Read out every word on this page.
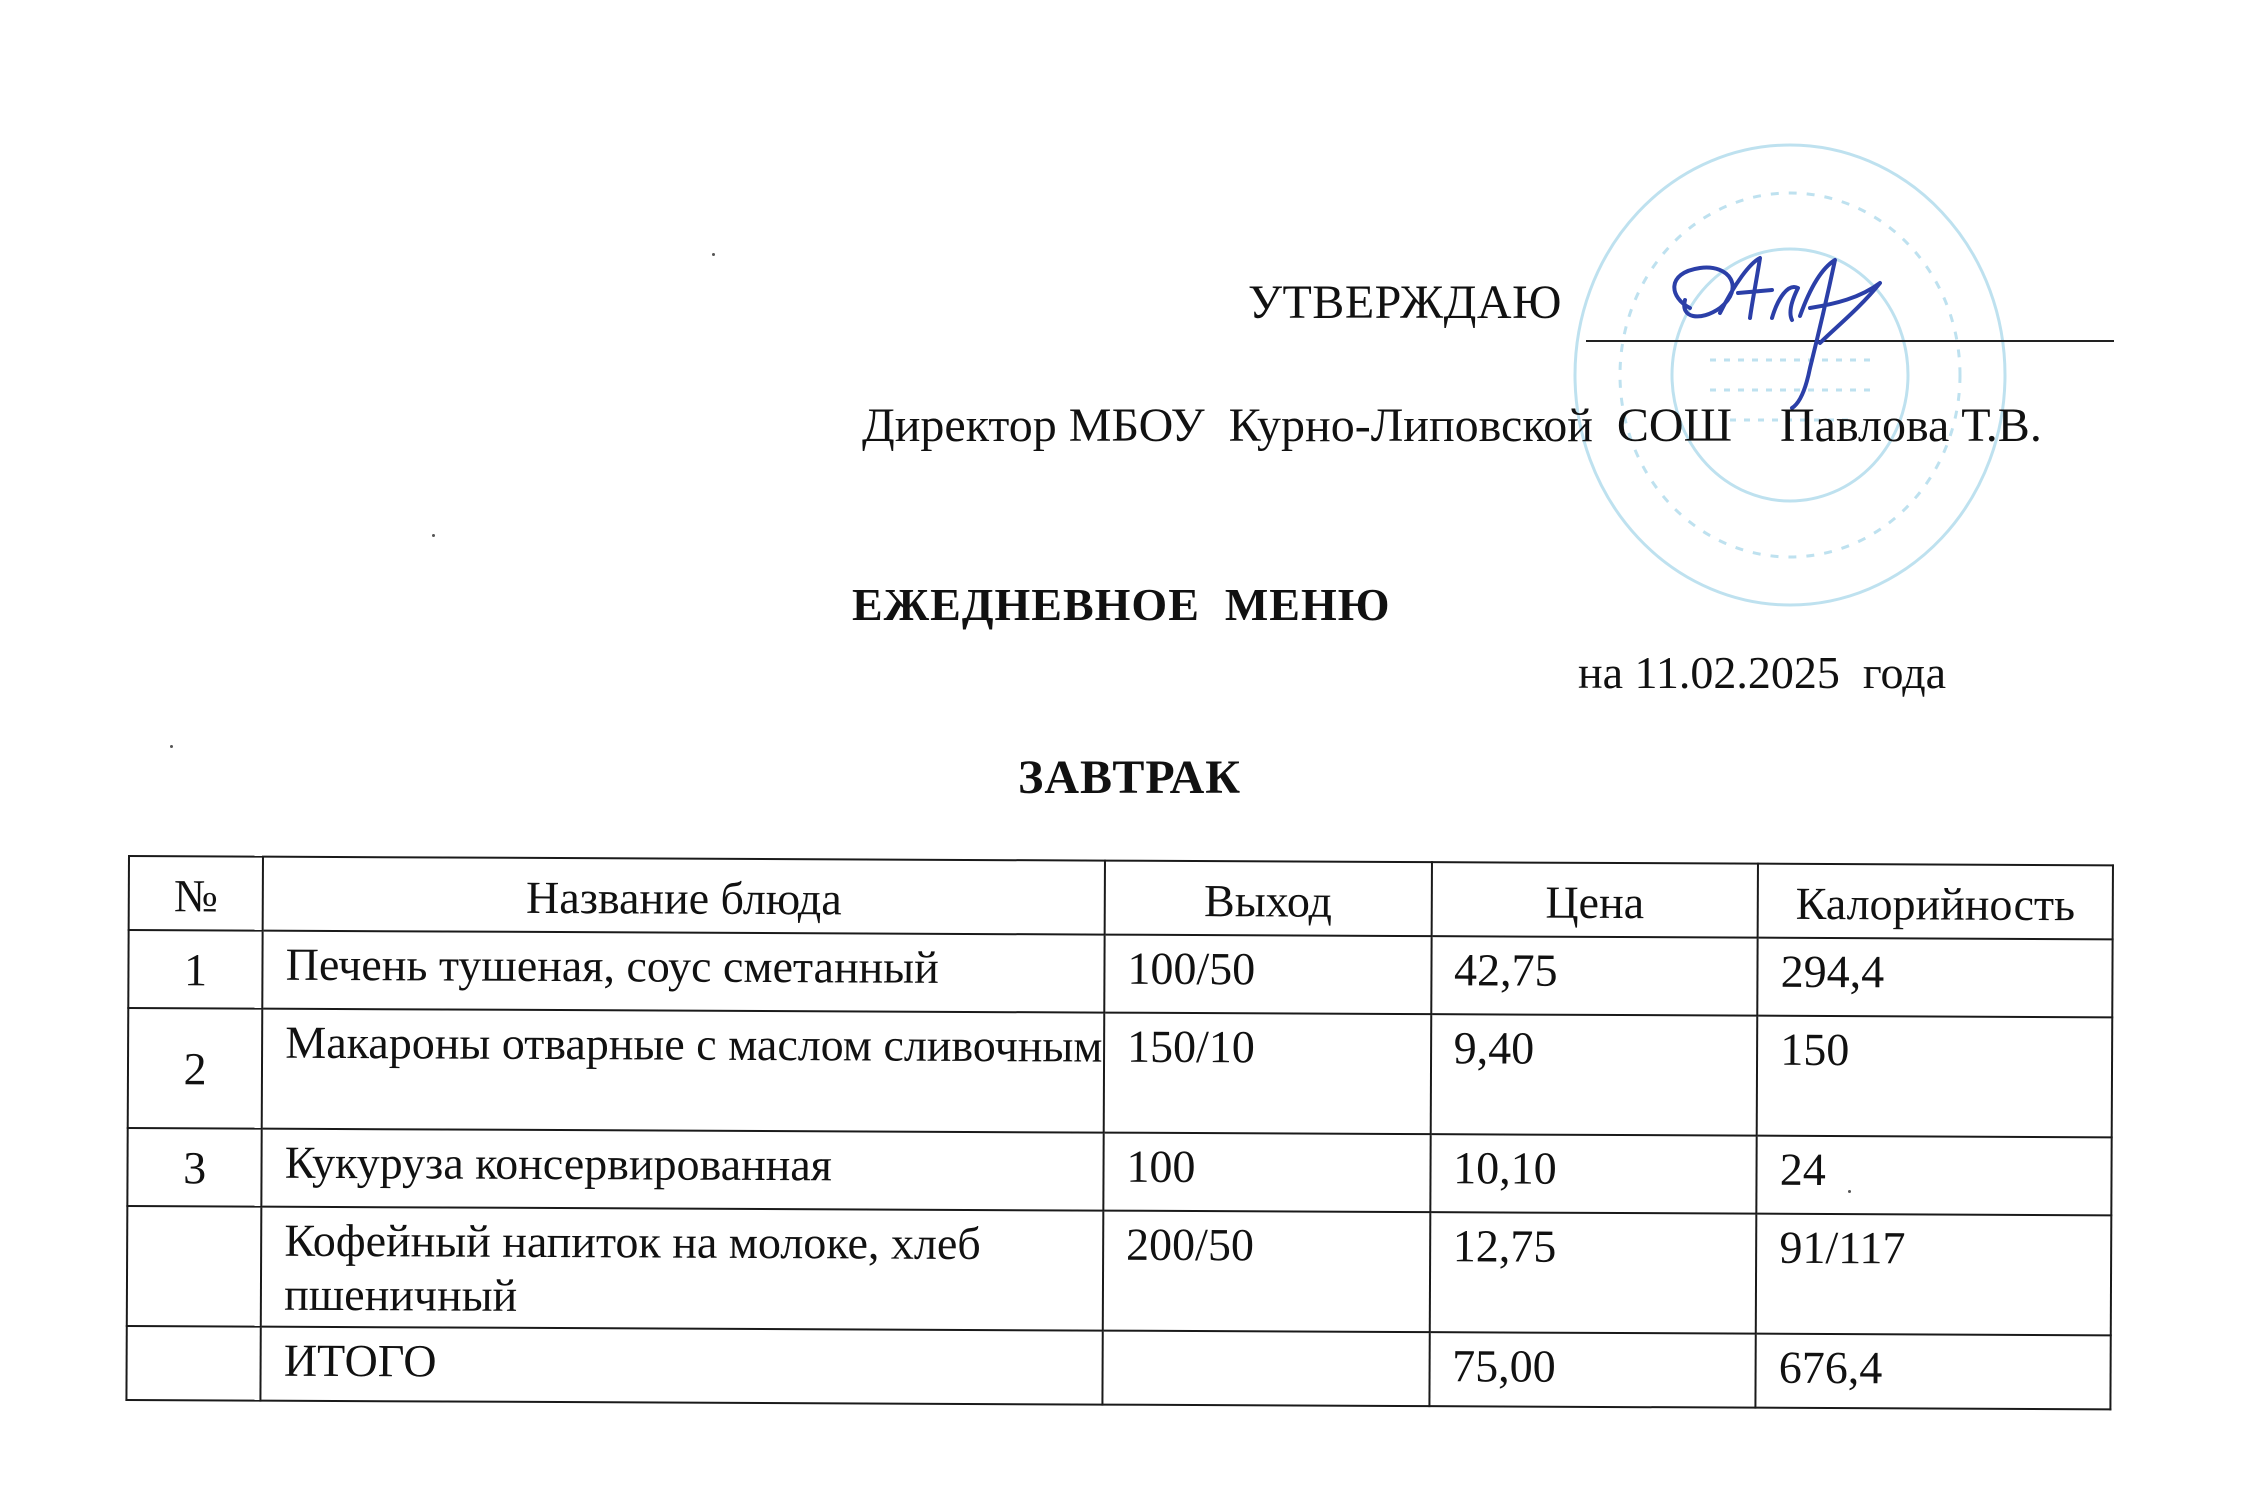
УТВЕРЖДАЮ
Директор МБОУ  Курно-Липовской  СОШ    Павлова Т.В.
ЕЖЕДНЕВНОЕ  МЕНЮ
на 11.02.2025  года
ЗАВТРАК
№	Название блюда	Выход	Цена	Калорийность
1	Печень тушеная, соус сметанный	100/50	42,75	294,4
2	Макароны отварные с маслом сливочным	150/10	9,40	150
3	Кукуруза консервированная	100	10,10	24
	Кофейный напиток на молоке, хлеб пшеничный	200/50	12,75	91/117
	ИТОГО		75,00	676,4
